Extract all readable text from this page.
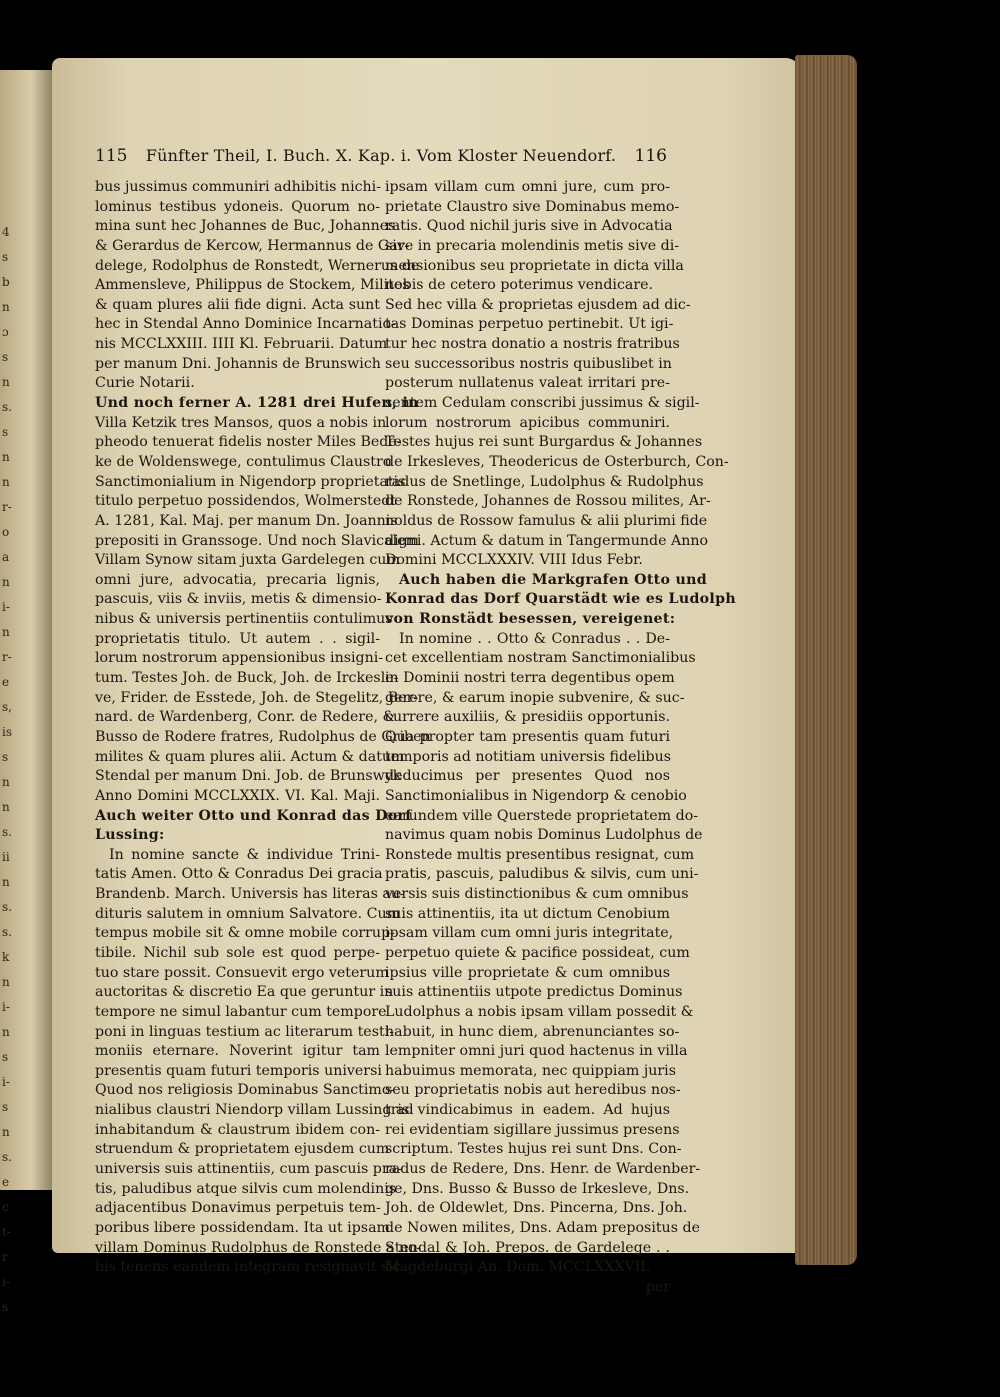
4
s
b
n
ɔ
s
n
s.
s
n
n
r-
o
a
n
i-
n
r-
e
s,
is
s
n
n
s.
ii
n
s.
s.
k
n
i-
n
s
i-
s
n
s.
e
c
t-
r
i-
s
115	Fünfter Theil, I. Buch. X. Kap. i. Vom Kloster Neuendorf.	116
bus jussimus communiri adhibitis nichi-
lominus testibus ydoneis. Quorum no-
mina sunt hec Johannes de Buc, Johannes
& Gerardus de Kercow, Hermannus de Gar-
delege, Rodolphus de Ronstedt, Wernerus de
Ammensleve, Philippus de Stockem, Milites
& quam plures alii fide digni. Acta sunt
hec in Stendal Anno Dominice Incarnatio-
nis MCCLXXIII. IIII Kl. Februarii. Datum
per manum Dni. Johannis de Brunswich
Curie Notarii.
Und noch ferner A. 1281 drei Hufen, in
Villa Ketzik tres Mansos, quos a nobis in
pheodo tenuerat fidelis noster Miles Bede-
ke de Woldenswege, contulimus Claustro
Sanctimonialium in Nigendorp proprietatis
titulo perpetuo possidendos, Wolmerstedt
A. 1281, Kal. Maj. per manum Dn. Joannis
prepositi in Granssoge. Und noch Slavicalem
Villam Synow sitam juxta Gardelegen cum
omni jure, advocatia, precaria lignis,
pascuis, viis & inviis, metis & dimensio-
nibus & universis pertinentiis contulimus
proprietatis titulo. Ut autem . . sigil-
lorum nostrorum appensionibus insigni-
tum. Testes Joh. de Buck, Joh. de Irckesle-
ve, Frider. de Esstede, Joh. de Stegelitz, Ber-
nard. de Wardenberg, Conr. de Redere, &
Busso de Rodere fratres, Rudolphus de Griben
milites & quam plures alii. Actum & datum
Stendal per manum Dni. Job. de Brunswyk
Anno Domini MCCLXXIX. VI. Kal. Maji.
Auch weiter Otto und Konrad das Dorf
Lussing:
In nomine sancte & individue Trini-
tatis Amen. Otto & Conradus Dei gracia
Brandenb. March. Universis has literas au-
dituris salutem in omnium Salvatore. Cum
tempus mobile sit & omne mobile corrup-
tibile. Nichil sub sole est quod perpe-
tuo stare possit. Consuevit ergo veterum
auctoritas & discretio Ea que geruntur in
tempore ne simul labantur cum tempore
poni in linguas testium ac literarum testi-
moniis eternare. Noverint igitur tam
presentis quam futuri temporis universi
Quod nos religiosis Dominabus Sanctimo-
nialibus claustri Niendorp villam Lussing ad
inhabitandum & claustrum ibidem con-
struendum & proprietatem ejusdem cum
universis suis attinentiis, cum pascuis pra-
tis, paludibus atque silvis cum molendinis
adjacentibus Donavimus perpetuis tem-
poribus libere possidendam. Ita ut ipsam
villam Dominus Rudolphus de Ronstede a no-
bis tenens eandem integram resignavit sic
ipsam villam cum omni jure, cum pro-
prietate Claustro sive Dominabus memo-
ratis. Quod nichil juris sive in Advocatia
sive in precaria molendinis metis sive di-
mensionibus seu proprietate in dicta villa
nobis de cetero poterimus vendicare.
Sed hec villa & proprietas ejusdem ad dic-
tas Dominas perpetuo pertinebit. Ut igi-
tur hec nostra donatio a nostris fratribus
seu successoribus nostris quibuslibet in
posterum nullatenus valeat irritari pre-
sentem Cedulam conscribi jussimus & sigil-
lorum nostrorum apicibus communiri.
Testes hujus rei sunt Burgardus & Johannes
de Irkesleves, Theodericus de Osterburch, Con-
radus de Snetlinge, Ludolphus & Rudolphus
de Ronstede, Johannes de Rossou milites, Ar-
noldus de Rossow famulus & alii plurimi fide
digni. Actum & datum in Tangermunde Anno
Domini MCCLXXXIV. VIII Idus Febr.
Auch haben die Markgrafen Otto und
Konrad das Dorf Quarstädt wie es Ludolph
von Ronstädt besessen, vereigenet:
In nomine . . Otto & Conradus . . De-
cet excellentiam nostram Sanctimonialibus
in Dominii nostri terra degentibus opem
gerere, & earum inopie subvenire, & suc-
currere auxiliis, & presidiis opportunis.
Qua propter tam presentis quam futuri
temporis ad notitiam universis fidelibus
deducimus per presentes Quod nos
Sanctimonialibus in Nigendorp & cenobio
earundem ville Querstede proprietatem do-
navimus quam nobis Dominus Ludolphus de
Ronstede multis presentibus resignat, cum
pratis, pascuis, paludibus & silvis, cum uni-
versis suis distinctionibus & cum omnibus
suis attinentiis, ita ut dictum Cenobium
ipsam villam cum omni juris integritate,
perpetuo quiete & pacifice possideat, cum
ipsius ville proprietate & cum omnibus
suis attinentiis utpote predictus Dominus
Ludolphus a nobis ipsam villam possedit &
habuit, in hunc diem, abrenunciantes so-
lempniter omni juri quod hactenus in villa
habuimus memorata, nec quippiam juris
seu proprietatis nobis aut heredibus nos-
tris vindicabimus in eadem. Ad hujus
rei evidentiam sigillare jussimus presens
scriptum. Testes hujus rei sunt Dns. Con-
radus de Redere, Dns. Henr. de Wardenber-
ge, Dns. Busso & Busso de Irkesleve, Dns.
Joh. de Oldewlet, Dns. Pincerna, Dns. Joh.
de Nowen milites, Dns. Adam prepositus de
Stendal & Joh. Prepos. de Gardelege . .
Magdeburgi An. Dom. MCCLXXXVII.
per
